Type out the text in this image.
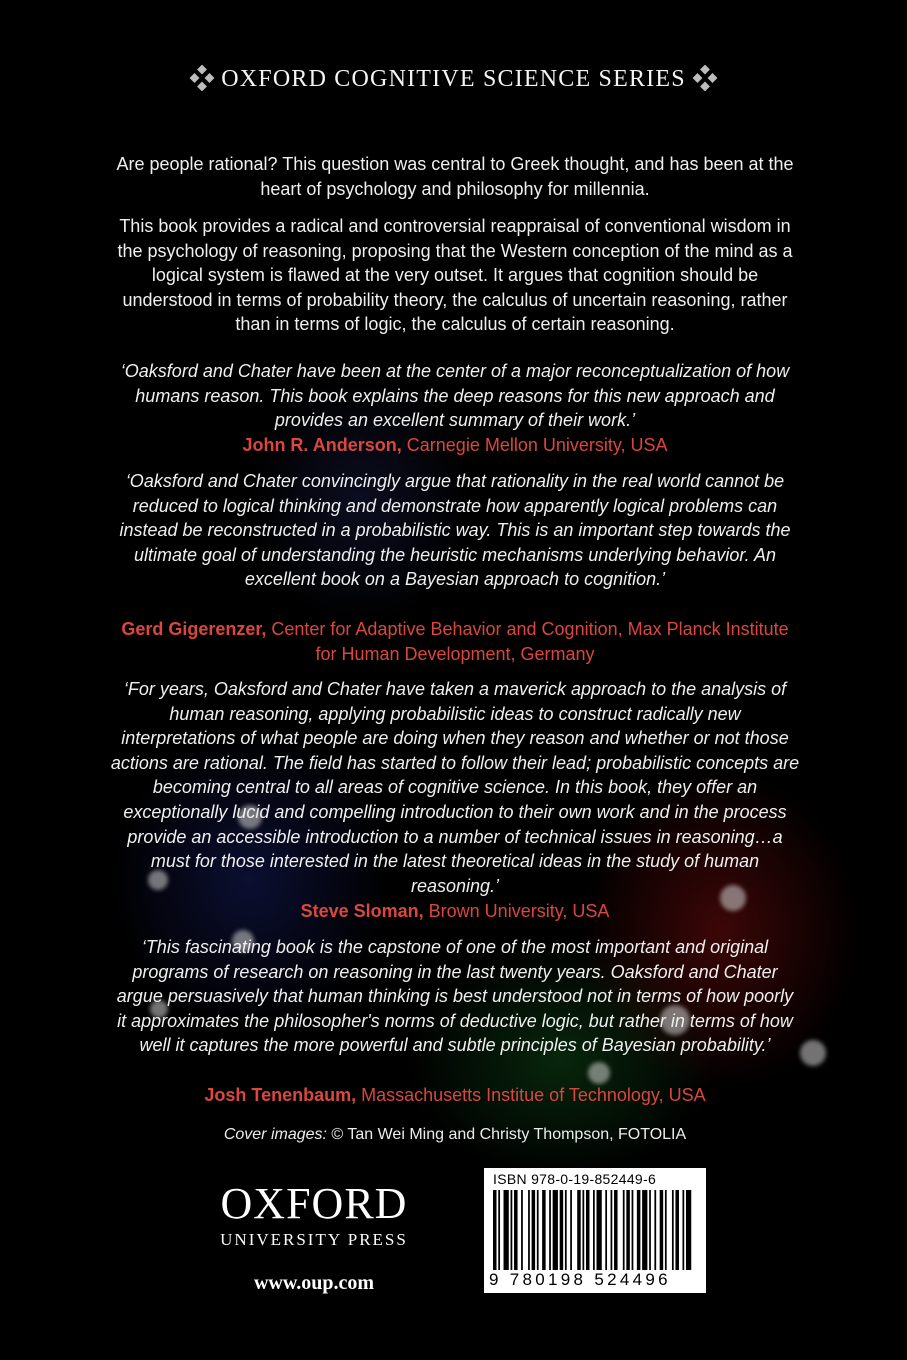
OXFORD COGNITIVE SCIENCE SERIES
Are people rational? This question was central to Greek thought, and has been at the heart of psychology and philosophy for millennia.
This book provides a radical and controversial reappraisal of conventional wisdom in the psychology of reasoning, proposing that the Western conception of the mind as a logical system is flawed at the very outset. It argues that cognition should be understood in terms of probability theory, the calculus of uncertain reasoning, rather than in terms of logic, the calculus of certain reasoning.
‘Oaksford and Chater have been at the center of a major reconceptualization of how humans reason. This book explains the deep reasons for this new approach and provides an excellent summary of their work.’
John R. Anderson, Carnegie Mellon University, USA
‘Oaksford and Chater convincingly argue that rationality in the real world cannot be reduced to logical thinking and demonstrate how apparently logical problems can instead be reconstructed in a probabilistic way. This is an important step towards the ultimate goal of understanding the heuristic mechanisms underlying behavior. An excellent book on a Bayesian approach to cognition.’
Gerd Gigerenzer, Center for Adaptive Behavior and Cognition, Max Planck Institute for Human Development, Germany
‘For years, Oaksford and Chater have taken a maverick approach to the analysis of human reasoning, applying probabilistic ideas to construct radically new interpretations of what people are doing when they reason and whether or not those actions are rational. The field has started to follow their lead; probabilistic concepts are becoming central to all areas of cognitive science. In this book, they offer an exceptionally lucid and compelling introduction to their own work and in the process provide an accessible introduction to a number of technical issues in reasoning…a must for those interested in the latest theoretical ideas in the study of human reasoning.’
Steve Sloman, Brown University, USA
‘This fascinating book is the capstone of one of the most important and original programs of research on reasoning in the last twenty years. Oaksford and Chater argue persuasively that human thinking is best understood not in terms of how poorly it approximates the philosopher's norms of deductive logic, but rather in terms of how well it captures the more powerful and subtle principles of Bayesian probability.’
Josh Tenenbaum, Massachusetts Institue of Technology, USA
Cover images: © Tan Wei Ming and Christy Thompson, FOTOLIA
OXFORD
UNIVERSITY PRESS
www.oup.com
ISBN 978-0-19-852449-6
9 780198 524496
